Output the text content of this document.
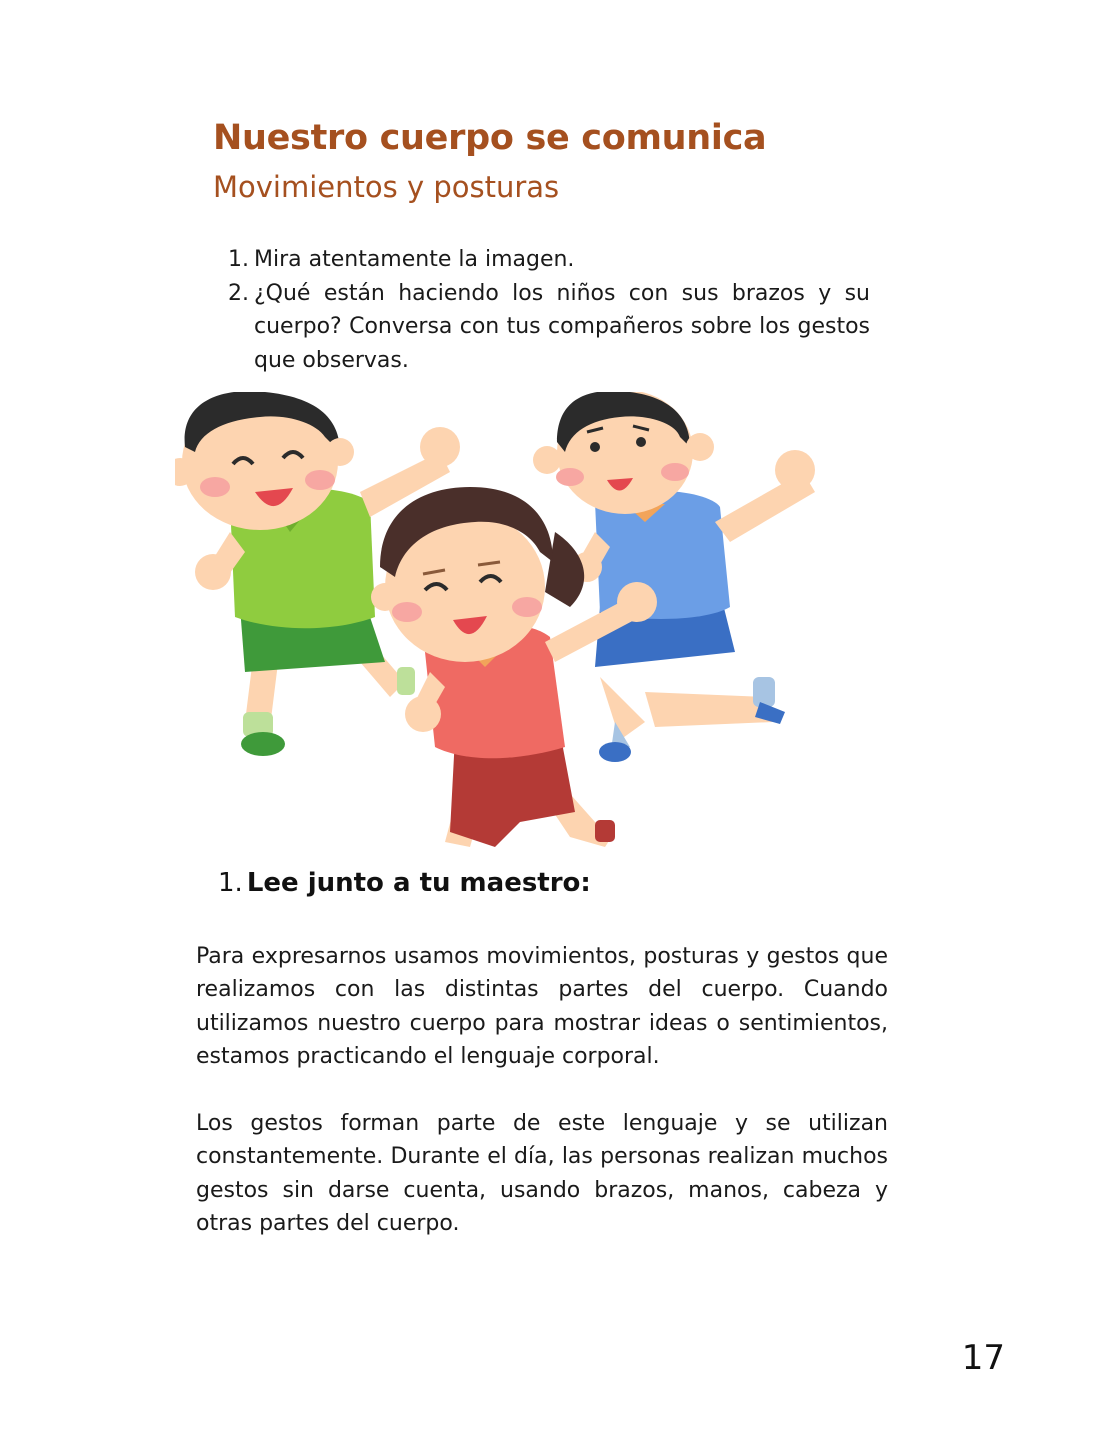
Nuestro cuerpo se comunica
Movimientos y posturas
1. Mira atentamente la imagen.
2. ¿Qué están haciendo los niños con sus brazos y su cuerpo? Conversa con tus compañeros sobre los gestos que observas.
1. Lee junto a tu maestro:

Para expresarnos usamos movimientos, posturas y gestos que realizamos con las distintas partes del cuerpo. Cuando utilizamos nuestro cuerpo para mostrar ideas o sentimientos, estamos practicando el lenguaje corporal.

Los gestos forman parte de este lenguaje y se utilizan constantemente. Durante el día, las personas realizan muchos gestos sin darse cuenta, usando brazos, manos, cabeza y otras partes del cuerpo.

17
